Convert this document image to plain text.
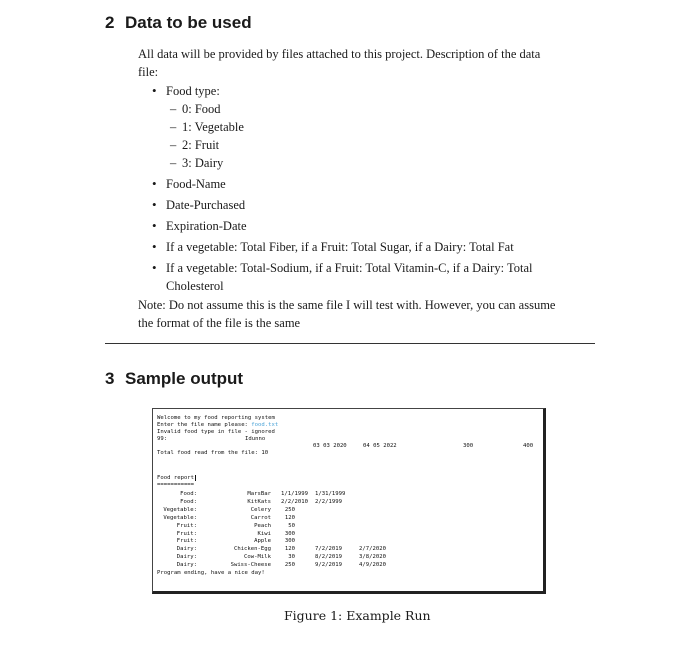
2 Data to be used
All data will be provided by files attached to this project. Description of the data
file:
• Food type:
– 0: Food
– 1: Vegetable
– 2: Fruit
– 3: Dairy
• Food-Name
• Date-Purchased
• Expiration-Date
• If a vegetable: Total Fiber, if a Fruit: Total Sugar, if a Dairy: Total Fat
• If a vegetable: Total-Sodium, if a Fruit: Total Vitamin-C, if a Dairy: Total
Cholesterol
Note: Do not assume this is the same file I will test with. However, you can assume
the format of the file is the same
3 Sample output
Welcome to my food reporting system
Enter the file name please: food.txt
Invalid food type in file - ignored
99:	Idunno
03 03 2020	04 05 2022	300	400
Total food read from the file: 10
Food report
===========
Food:	MarsBar 1/1/1999	1/31/1999
Food:	KitKats 2/2/2010	2/2/1999
Vegetable:	Celery	250
Vegetable:	Carrot	120
Fruit:	Peach	50
Fruit:	Kiwi	300
Fruit:	Apple	300
Dairy:	Chicken-Egg	120	7/2/2019	2/7/2020
Dairy:	Cow-Milk	30	8/2/2019	3/8/2020
Dairy:	Swiss-Cheese	250	9/2/2019	4/9/2020
Program ending, have a nice day!
Figure 1: Example Run
